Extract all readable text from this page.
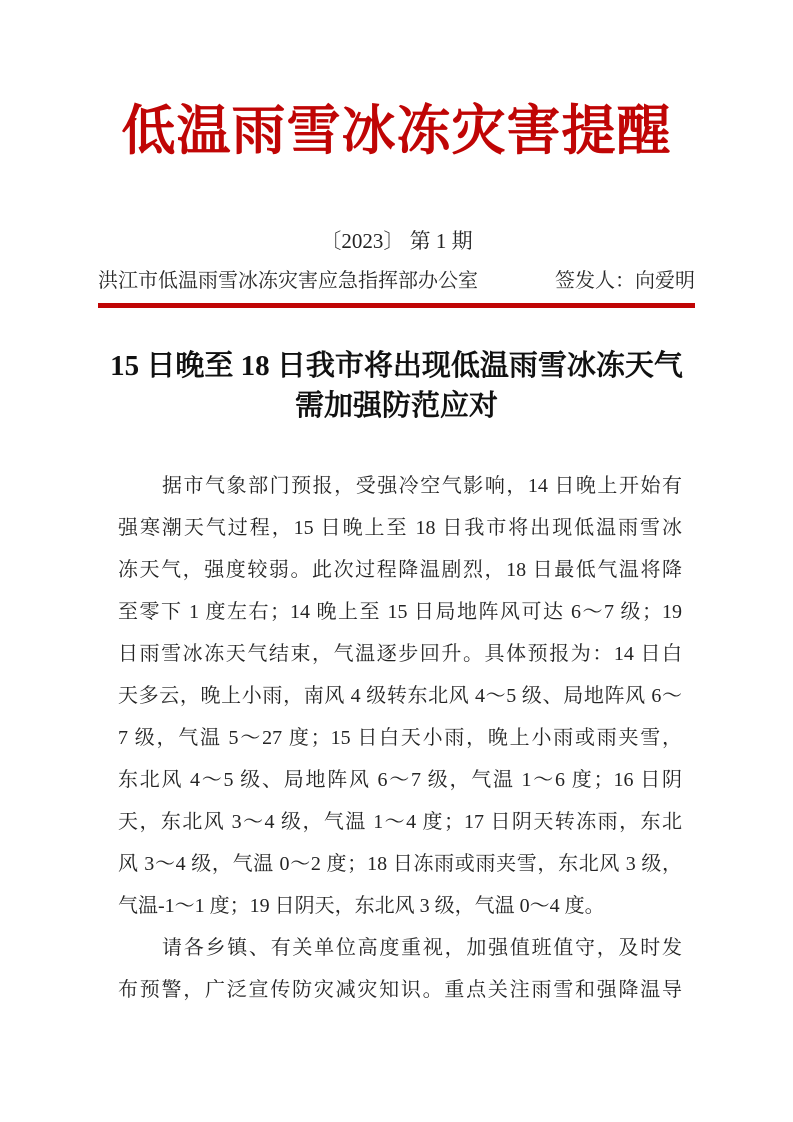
低温雨雪冰冻灾害提醒
〔2023〕 第 1 期
洪江市低温雨雪冰冻灾害应急指挥部办公室	签发人：向爱明
15 日晚至 18 日我市将出现低温雨雪冰冻天气
需加强防范应对
据市气象部门预报，受强冷空气影响，14 日晚上开始有
强寒潮天气过程，15 日晚上至 18 日我市将出现低温雨雪冰
冻天气，强度较弱。此次过程降温剧烈，18 日最低气温将降
至零下 1 度左右；14 晚上至 15 日局地阵风可达 6～7 级；19
日雨雪冰冻天气结束，气温逐步回升。具体预报为：14 日白
天多云，晚上小雨，南风 4 级转东北风 4～5 级、局地阵风 6～
7 级，气温 5～27 度；15 日白天小雨，晚上小雨或雨夹雪，
东北风 4～5 级、局地阵风 6～7 级，气温 1～6 度；16 日阴
天，东北风 3～4 级，气温 1～4 度；17 日阴天转冻雨，东北
风 3～4 级，气温 0～2 度；18 日冻雨或雨夹雪，东北风 3 级，
气温-1～1 度；19 日阴天，东北风 3 级，气温 0～4 度。
请各乡镇、有关单位高度重视，加强值班值守，及时发
布预警，广泛宣传防灾减灾知识。重点关注雨雪和强降温导
